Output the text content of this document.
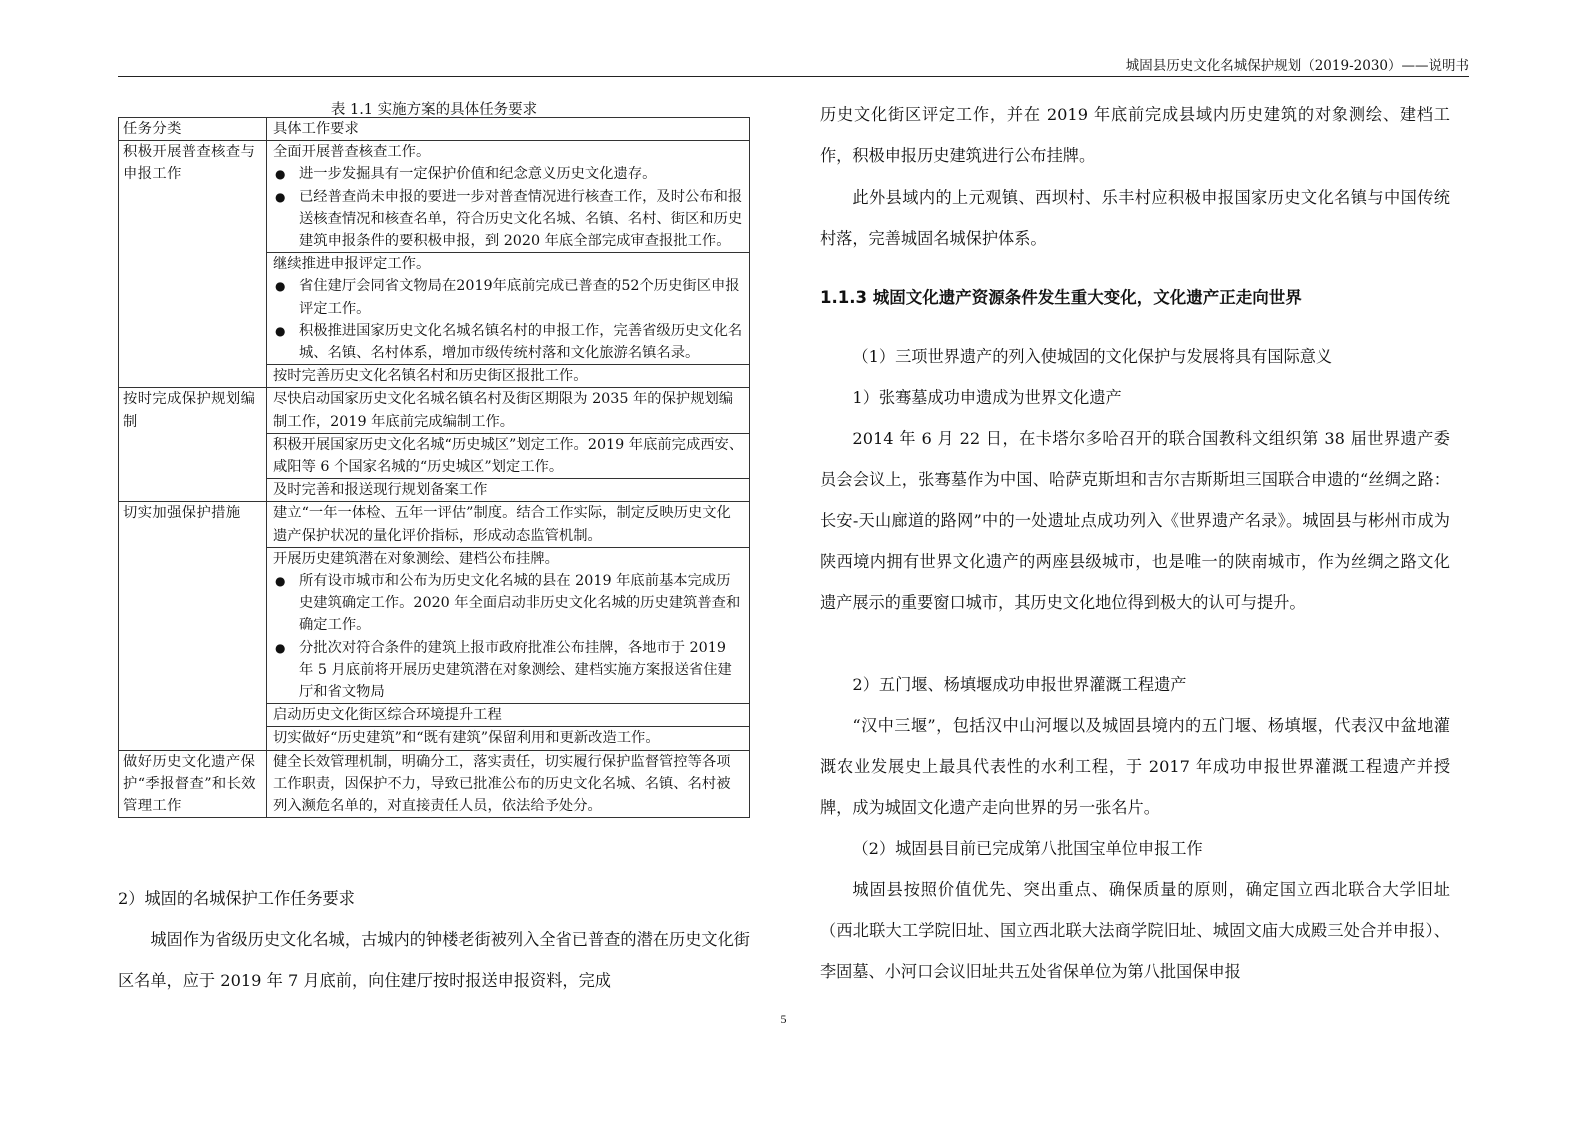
城固县历史文化名城保护规划（2019-2030）——说明书
表 1.1 实施方案的具体任务要求
任务分类	具体工作要求
积极开展普查核查与申报工作	全面开展普查核查工作。
● 进一步发掘具有一定保护价值和纪念意义历史文化遗存。
● 已经普查尚未申报的要进一步对普查情况进行核查工作，及时公布和报送核查情况和核查名单，符合历史文化名城、名镇、名村、街区和历史建筑申报条件的要积极申报，到 2020 年底全部完成审查报批工作。

	继续推进申报评定工作。
● 省住建厅会同省文物局在2019年底前完成已普查的52个历史街区申报评定工作。
● 积极推进国家历史文化名城名镇名村的申报工作，完善省级历史文化名城、名镇、名村体系，增加市级传统村落和文化旅游名镇名录。

	按时完善历史文化名镇名村和历史街区报批工作。

按时完成保护规划编制	尽快启动国家历史文化名城名镇名村及街区期限为 2035 年的保护规划编制工作，2019 年底前完成编制工作。

	积极开展国家历史文化名城“历史城区”划定工作。2019 年底前完成西安、咸阳等 6 个国家名城的“历史城区”划定工作。

	及时完善和报送现行规划备案工作

切实加强保护措施	建立“一年一体检、五年一评估”制度。结合工作实际，制定反映历史文化遗产保护状况的量化评价指标，形成动态监管机制。

	开展历史建筑潜在对象测绘、建档公布挂牌。
● 所有设市城市和公布为历史文化名城的县在 2019 年底前基本完成历史建筑确定工作。2020 年全面启动非历史文化名城的历史建筑普查和确定工作。
● 分批次对符合条件的建筑上报市政府批准公布挂牌，各地市于 2019 年 5 月底前将开展历史建筑潜在对象测绘、建档实施方案报送省住建厅和省文物局

	启动历史文化街区综合环境提升工程

	切实做好“历史建筑”和“既有建筑”保留利用和更新改造工作。

做好历史文化遗产保护“季报督查”和长效管理工作	健全长效管理机制，明确分工，落实责任，切实履行保护监督管控等各项工作职责，因保护不力，导致已批准公布的历史文化名城、名镇、名村被列入濒危名单的，对直接责任人员，依法给予处分。

2）城固的名城保护工作任务要求

城固作为省级历史文化名城，古城内的钟楼老街被列入全省已普查的潜在历史文化街区名单，应于 2019 年 7 月底前，向住建厅按时报送申报资料，完成

历史文化街区评定工作，并在 2019 年底前完成县域内历史建筑的对象测绘、建档工作，积极申报历史建筑进行公布挂牌。

此外县域内的上元观镇、西坝村、乐丰村应积极申报国家历史文化名镇与中国传统村落，完善城固名城保护体系。

1.1.3 城固文化遗产资源条件发生重大变化，文化遗产正走向世界

（1）三项世界遗产的列入使城固的文化保护与发展将具有国际意义

1）张骞墓成功申遗成为世界文化遗产

2014 年 6 月 22 日，在卡塔尔多哈召开的联合国教科文组织第 38 届世界遗产委员会会议上，张骞墓作为中国、哈萨克斯坦和吉尔吉斯斯坦三国联合申遗的“丝绸之路：长安-天山廊道的路网”中的一处遗址点成功列入《世界遗产名录》。城固县与彬州市成为陕西境内拥有世界文化遗产的两座县级城市，也是唯一的陕南城市，作为丝绸之路文化遗产展示的重要窗口城市，其历史文化地位得到极大的认可与提升。

2）五门堰、杨填堰成功申报世界灌溉工程遗产

“汉中三堰”，包括汉中山河堰以及城固县境内的五门堰、杨填堰，代表汉中盆地灌溉农业发展史上最具代表性的水利工程，于 2017 年成功申报世界灌溉工程遗产并授牌，成为城固文化遗产走向世界的另一张名片。

（2）城固县目前已完成第八批国宝单位申报工作

城固县按照价值优先、突出重点、确保质量的原则，确定国立西北联合大学旧址（西北联大工学院旧址、国立西北联大法商学院旧址、城固文庙大成殿三处合并申报）、李固墓、小河口会议旧址共五处省保单位为第八批国保申报

5
